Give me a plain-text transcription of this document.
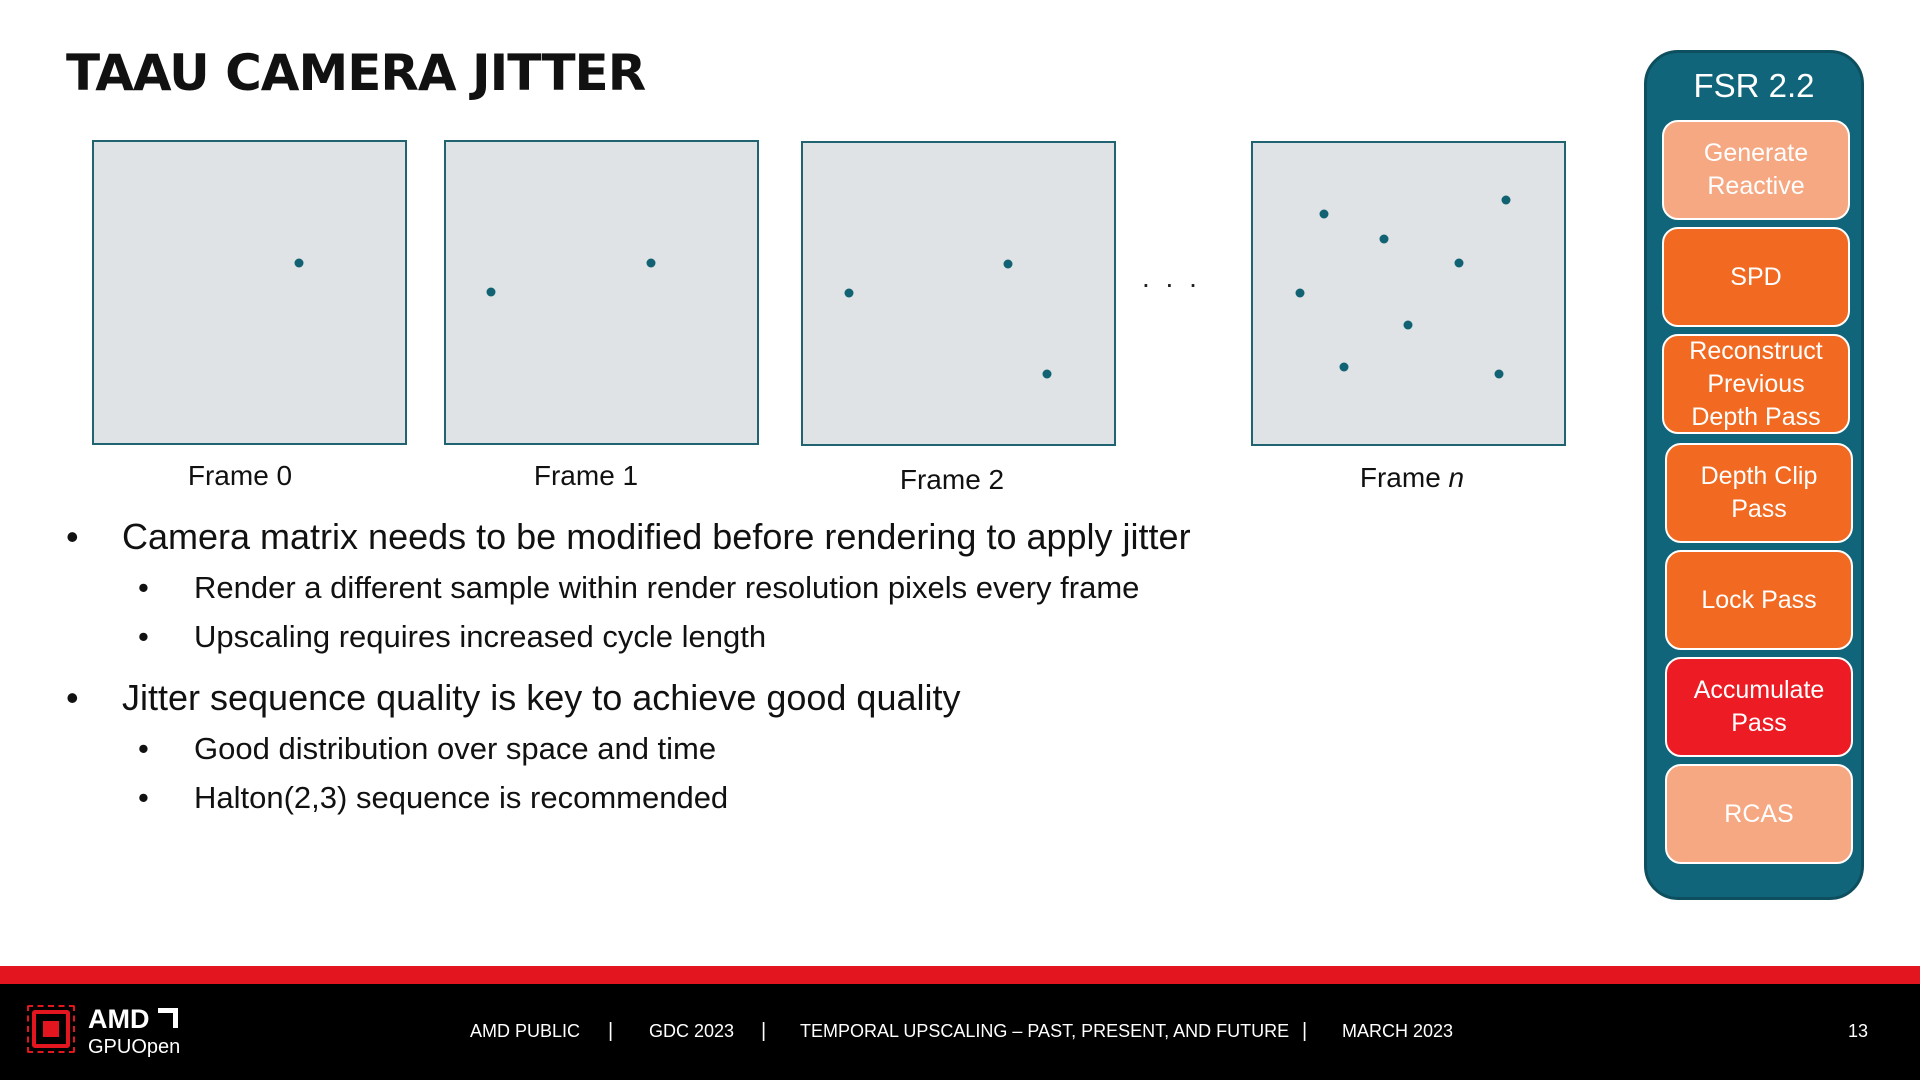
TAAU CAMERA JITTER
Frame 0	Frame 1	Frame 2
. . .
Frame n
• Camera matrix needs to be modified before rendering to apply jitter
• Render a different sample within render resolution pixels every frame
• Upscaling requires increased cycle length
• Jitter sequence quality is key to achieve good quality
• Good distribution over space and time
• Halton(2,3) sequence is recommended
FSR 2.2
Generate
Reactive
SPD
Reconstruct
Previous
Depth Pass
Depth Clip
Pass
Lock Pass
Accumulate
Pass
RCAS
AMD
GPUOpen
AMD PUBLIC | GDC 2023 | TEMPORAL UPSCALING – PAST, PRESENT, AND FUTURE | MARCH 2023	13
